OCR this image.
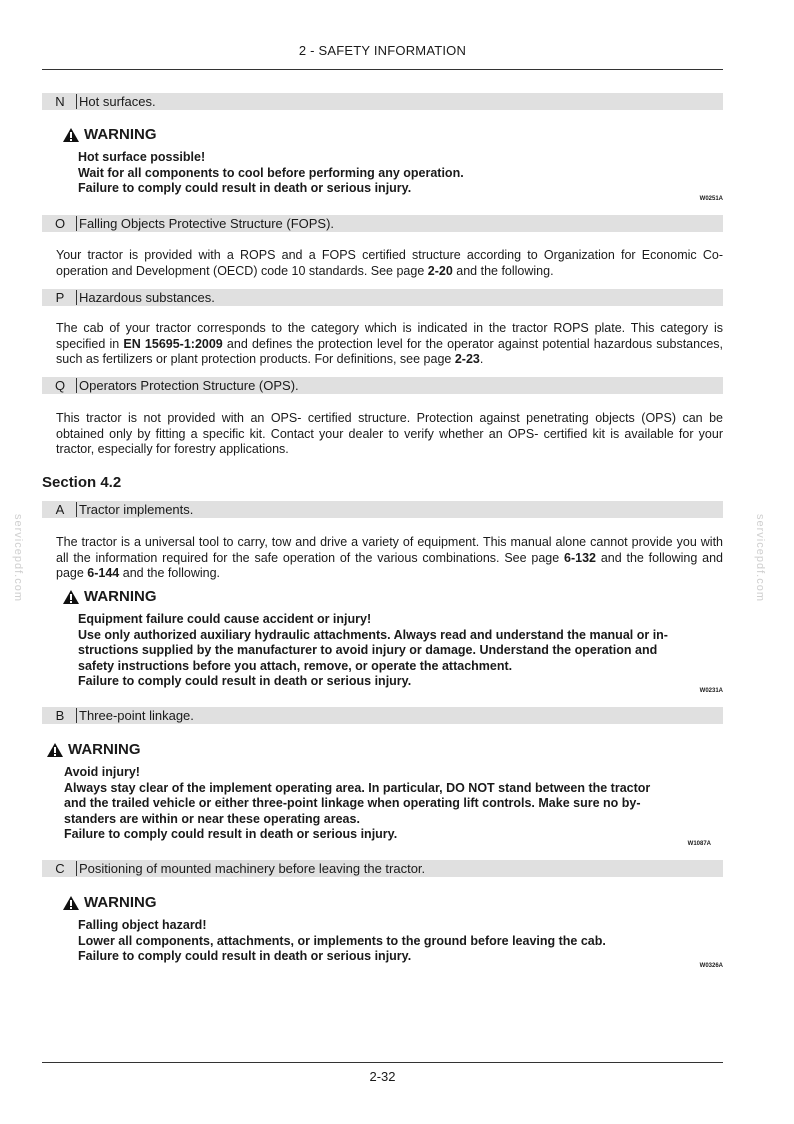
2 - SAFETY INFORMATION
servicepdf.com	servicepdf.com
N	Hot surfaces.
WARNING
Hot surface possible!
Wait for all components to cool before performing any operation.
Failure to comply could result in death or serious injury.
W0251A
O	Falling Objects Protective Structure (FOPS).

Your tractor is provided with a ROPS and a FOPS certified structure according to Organization for Economic Co-operation and Development (OECD) code 10 standards. See page 2-20 and the following.

P	Hazardous substances.

The cab of your tractor corresponds to the category which is indicated in the tractor ROPS plate. This category is specified in EN 15695-1:2009 and defines the protection level for the operator against potential hazardous substances, such as fertilizers or plant protection products. For definitions, see page 2-23.

Q	Operators Protection Structure (OPS).

This tractor is not provided with an OPS- certified structure. Protection against penetrating objects (OPS) can be obtained only by fitting a specific kit. Contact your dealer to verify whether an OPS- certified kit is available for your tractor, especially for forestry applications.

Section 4.2
A	Tractor implements.

The tractor is a universal tool to carry, tow and drive a variety of equipment. This manual alone cannot provide you with all the information required for the safe operation of the various combinations. See page 6-132 and the following and page 6-144 and the following.

WARNING
Equipment failure could cause accident or injury!
Use only authorized auxiliary hydraulic attachments. Always read and understand the manual or in-
structions supplied by the manufacturer to avoid injury or damage. Understand the operation and
safety instructions before you attach, remove, or operate the attachment.
Failure to comply could result in death or serious injury.
W0231A
B	Three-point linkage.
WARNING
Avoid injury!
Always stay clear of the implement operating area. In particular, DO NOT stand between the tractor
and the trailed vehicle or either three-point linkage when operating lift controls. Make sure no by-
standers are within or near these operating areas.
Failure to comply could result in death or serious injury.
W1087A
C	Positioning of mounted machinery before leaving the tractor.
WARNING
Falling object hazard!
Lower all components, attachments, or implements to the ground before leaving the cab.
Failure to comply could result in death or serious injury.
W0326A
2-32
